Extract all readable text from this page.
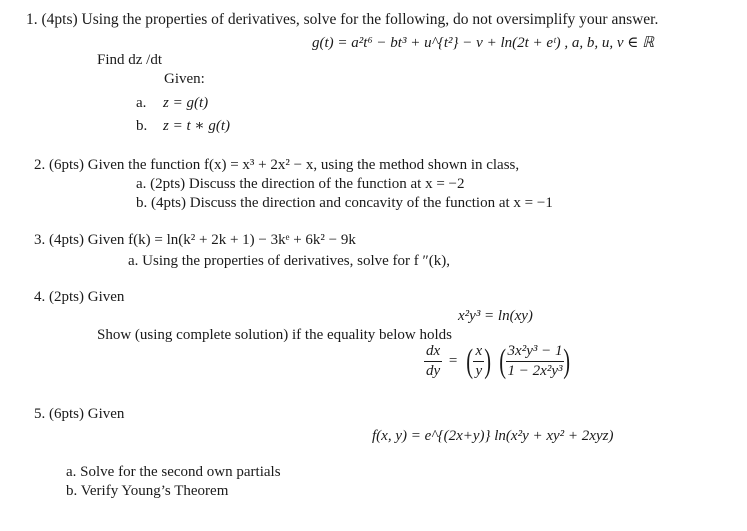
1. (4pts) Using the properties of derivatives, solve for the following, do not oversimplify your answer.
g(t) = a²t⁶ − bt³ + u^{t²} − v + ln(2t + eᵗ) , a, b, u, v ∈ ℝ
Find dz /dt
Given:
a. z = g(t)
b. z = t ∗ g(t)
2. (6pts) Given the function f(x) = x³ + 2x² − x, using the method shown in class,
a. (2pts) Discuss the direction of the function at x = −2
b. (4pts) Discuss the direction and concavity of the function at x = −1
3. (4pts) Given f(k) = ln(k² + 2k + 1) − 3kᵉ + 6k² − 9k
a. Using the properties of derivatives, solve for f ″(k),
4. (2pts) Given
x²y³ = ln(xy)
Show (using complete solution) if the equality below holds
$\frac{dx}{dy}$ = ( $\frac{x}{y}$ ) ( $\frac{\text{3x²y³ − 1}}{\text{1 − 2x²y³}}$ )
5. (6pts) Given
f(x, y) = e^{(2x+y)} ln(x²y + xy² + 2xyz)
a. Solve for the second own partials
b. Verify Young’s Theorem
